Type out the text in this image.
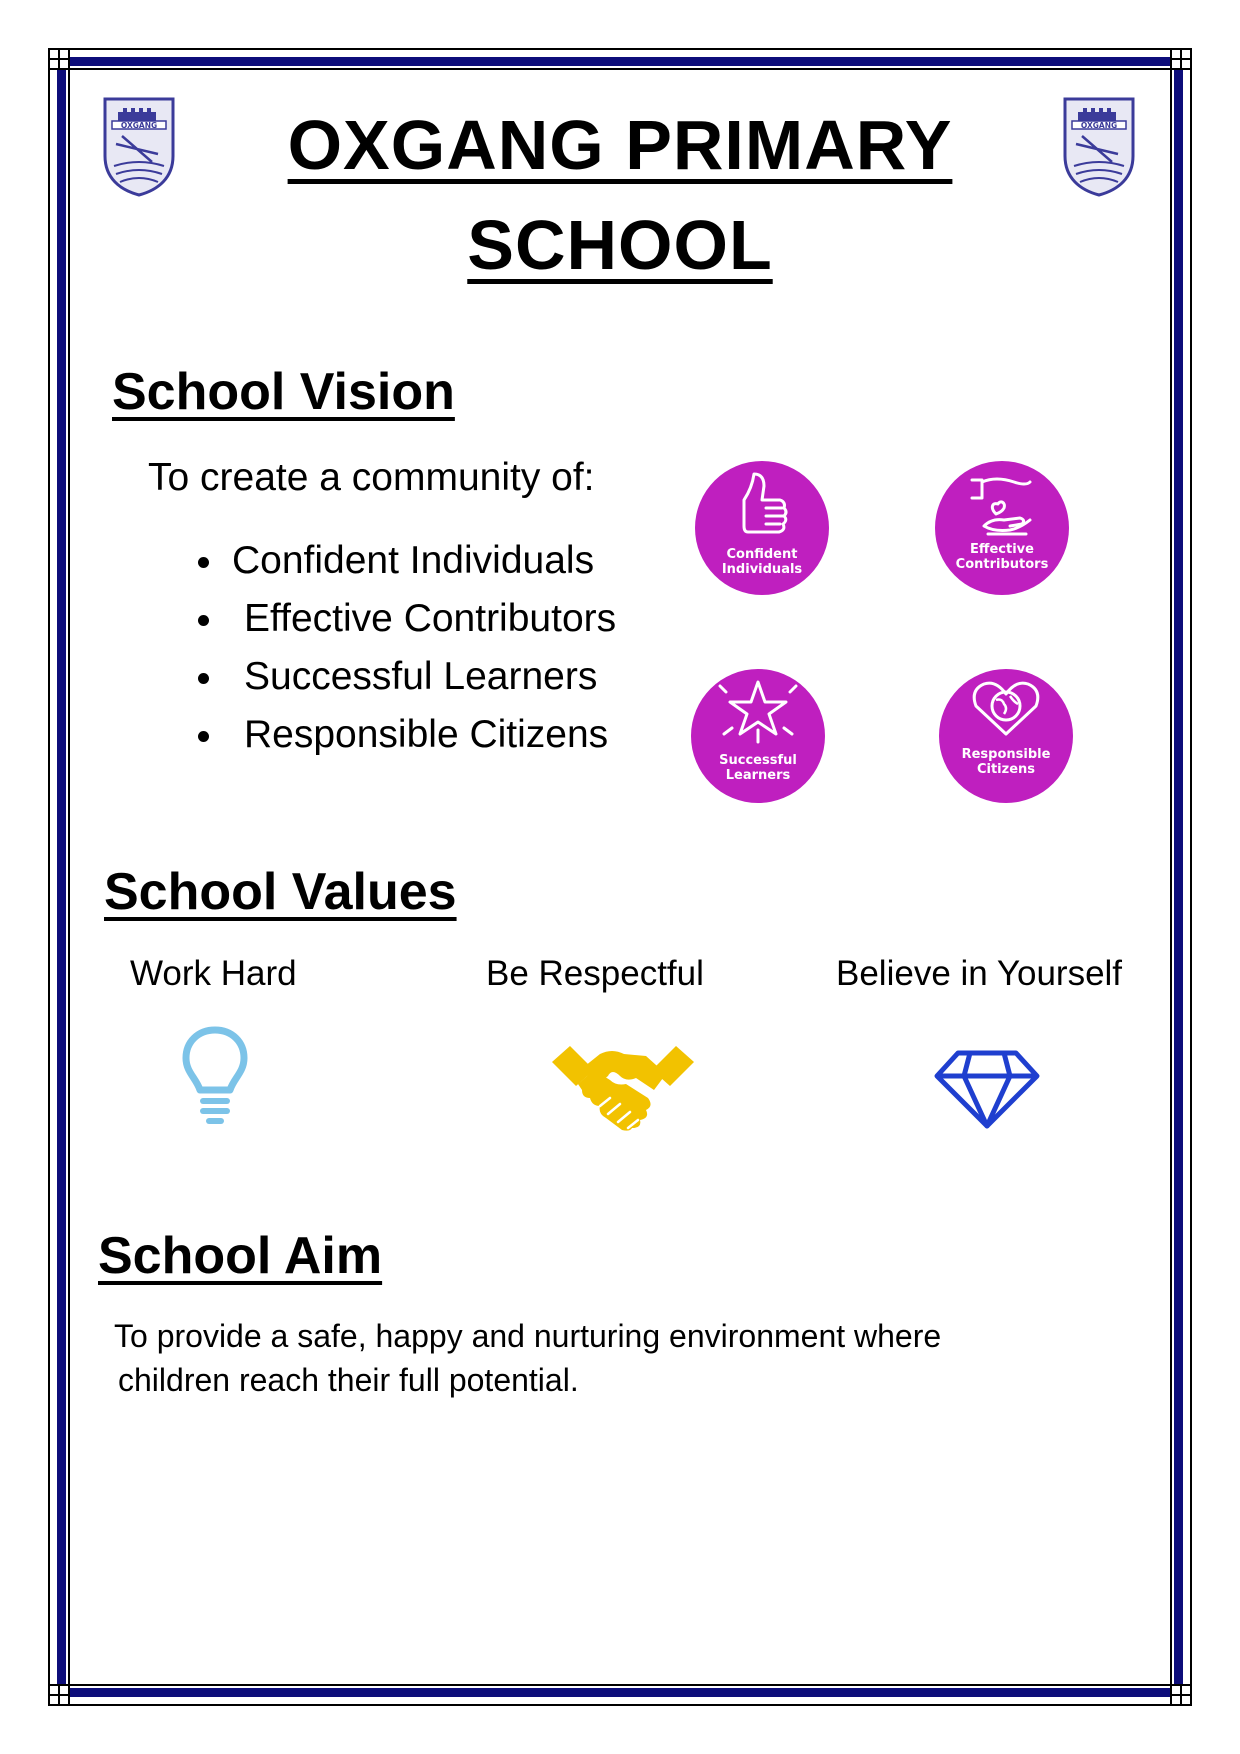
OXGANG	OXGANG
OXGANG PRIMARY SCHOOL
School Vision
To create a community of:
Confident Individuals
Effective Contributors
Successful Learners
Responsible Citizens
Confident
Individuals
Effective
Contributors
Successful
Learners
Responsible
Citizens
School Values
Work Hard	Be Respectful	Believe in Yourself
School Aim
To provide a safe, happy and nurturing environment where
children reach their full potential.
